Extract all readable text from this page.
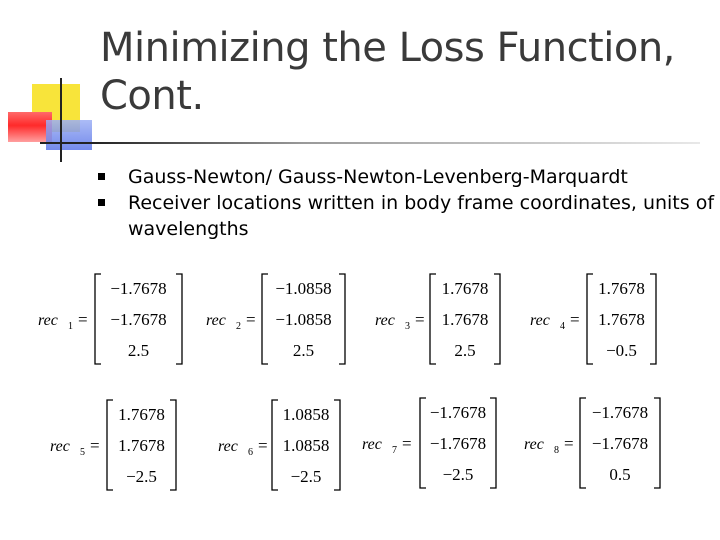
Minimizing the Loss Function, Cont.
Gauss-Newton/ Gauss-Newton-Levenberg-Marquardt
Receiver locations written in body frame coordinates, units of wavelengths
rec 1 =
−1.7678
−1.7678
2.5
rec 2 =
−1.0858
−1.0858
2.5
rec 3 =
1.7678
1.7678
2.5
rec 4 =
1.7678
1.7678
−0.5
rec 5 =
1.7678
1.7678
−2.5
rec 6 =
1.0858
1.0858
−2.5
rec 7 =
−1.7678
−1.7678
−2.5
rec 8 =
−1.7678
−1.7678
0.5
